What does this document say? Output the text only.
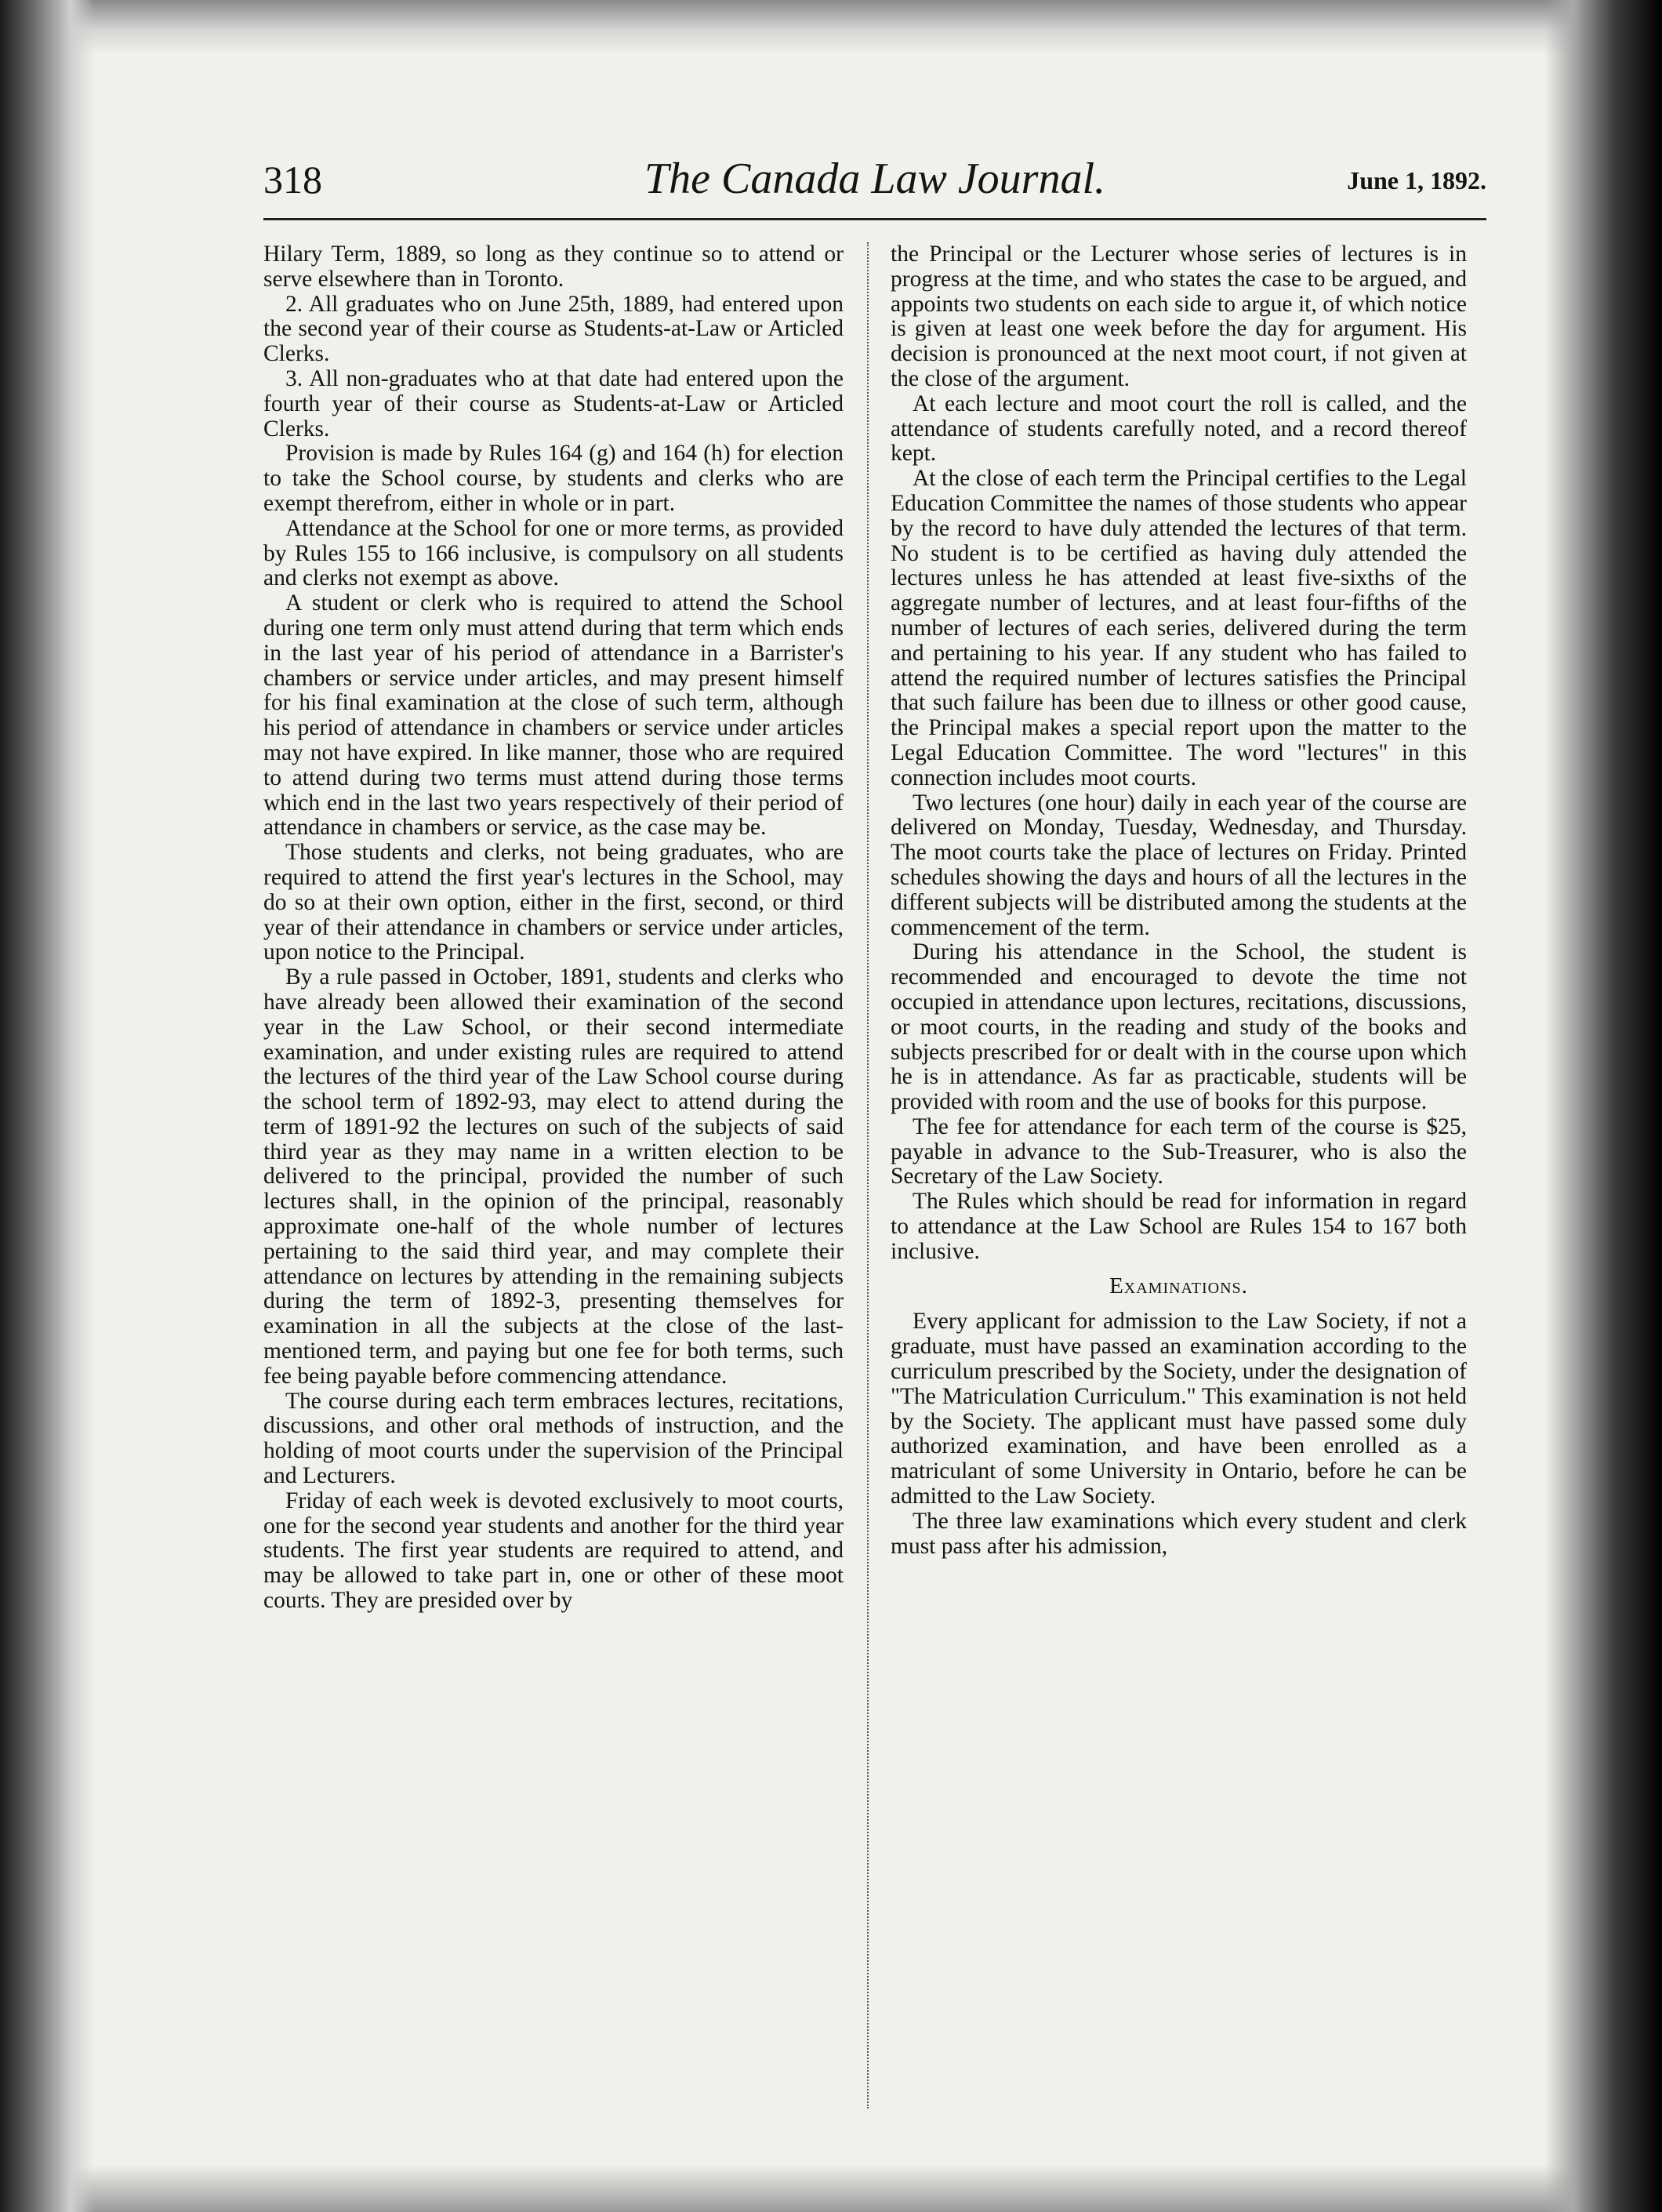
318	The Canada Law Journal.	June 1, 1892.

Hilary Term, 1889, so long as they continue so to attend or serve elsewhere than in Toronto.

2. All graduates who on June 25th, 1889, had entered upon the second year of their course as Students-at-Law or Articled Clerks.

3. All non-graduates who at that date had entered upon the fourth year of their course as Students-at-Law or Articled Clerks.

Provision is made by Rules 164 (g) and 164 (h) for election to take the School course, by students and clerks who are exempt therefrom, either in whole or in part.

Attendance at the School for one or more terms, as provided by Rules 155 to 166 inclusive, is compulsory on all students and clerks not exempt as above.

A student or clerk who is required to attend the School during one term only must attend during that term which ends in the last year of his period of attendance in a Barrister's chambers or service under articles, and may present himself for his final examination at the close of such term, although his period of attendance in chambers or service under articles may not have expired. In like manner, those who are required to attend during two terms must attend during those terms which end in the last two years respectively of their period of attendance in chambers or service, as the case may be.

Those students and clerks, not being graduates, who are required to attend the first year's lectures in the School, may do so at their own option, either in the first, second, or third year of their attendance in chambers or service under articles, upon notice to the Principal.

By a rule passed in October, 1891, students and clerks who have already been allowed their examination of the second year in the Law School, or their second intermediate examination, and under existing rules are required to attend the lectures of the third year of the Law School course during the school term of 1892-93, may elect to attend during the term of 1891-92 the lectures on such of the subjects of said third year as they may name in a written election to be delivered to the principal, provided the number of such lectures shall, in the opinion of the principal, reasonably approximate one-half of the whole number of lectures pertaining to the said third year, and may complete their attendance on lectures by attending in the remaining subjects during the term of 1892-3, presenting themselves for examination in all the subjects at the close of the last-mentioned term, and paying but one fee for both terms, such fee being payable before commencing attendance.

The course during each term embraces lectures, recitations, discussions, and other oral methods of instruction, and the holding of moot courts under the supervision of the Principal and Lecturers.

Friday of each week is devoted exclusively to moot courts, one for the second year students and another for the third year students. The first year students are required to attend, and may be allowed to take part in, one or other of these moot courts. They are presided over by

the Principal or the Lecturer whose series of lectures is in progress at the time, and who states the case to be argued, and appoints two students on each side to argue it, of which notice is given at least one week before the day for argument. His decision is pronounced at the next moot court, if not given at the close of the argument.

At each lecture and moot court the roll is called, and the attendance of students carefully noted, and a record thereof kept.

At the close of each term the Principal certifies to the Legal Education Committee the names of those students who appear by the record to have duly attended the lectures of that term. No student is to be certified as having duly attended the lectures unless he has attended at least five-sixths of the aggregate number of lectures, and at least four-fifths of the number of lectures of each series, delivered during the term and pertaining to his year. If any student who has failed to attend the required number of lectures satisfies the Principal that such failure has been due to illness or other good cause, the Principal makes a special report upon the matter to the Legal Education Committee. The word "lectures" in this connection includes moot courts.

Two lectures (one hour) daily in each year of the course are delivered on Monday, Tuesday, Wednesday, and Thursday. The moot courts take the place of lectures on Friday. Printed schedules showing the days and hours of all the lectures in the different subjects will be distributed among the students at the commencement of the term.

During his attendance in the School, the student is recommended and encouraged to devote the time not occupied in attendance upon lectures, recitations, discussions, or moot courts, in the reading and study of the books and subjects prescribed for or dealt with in the course upon which he is in attendance. As far as practicable, students will be provided with room and the use of books for this purpose.

The fee for attendance for each term of the course is $25, payable in advance to the Sub-Treasurer, who is also the Secretary of the Law Society.

The Rules which should be read for information in regard to attendance at the Law School are Rules 154 to 167 both inclusive.

Examinations.

Every applicant for admission to the Law Society, if not a graduate, must have passed an examination according to the curriculum prescribed by the Society, under the designation of "The Matriculation Curriculum." This examination is not held by the Society. The applicant must have passed some duly authorized examination, and have been enrolled as a matriculant of some University in Ontario, before he can be admitted to the Law Society.

The three law examinations which every student and clerk must pass after his admission,
